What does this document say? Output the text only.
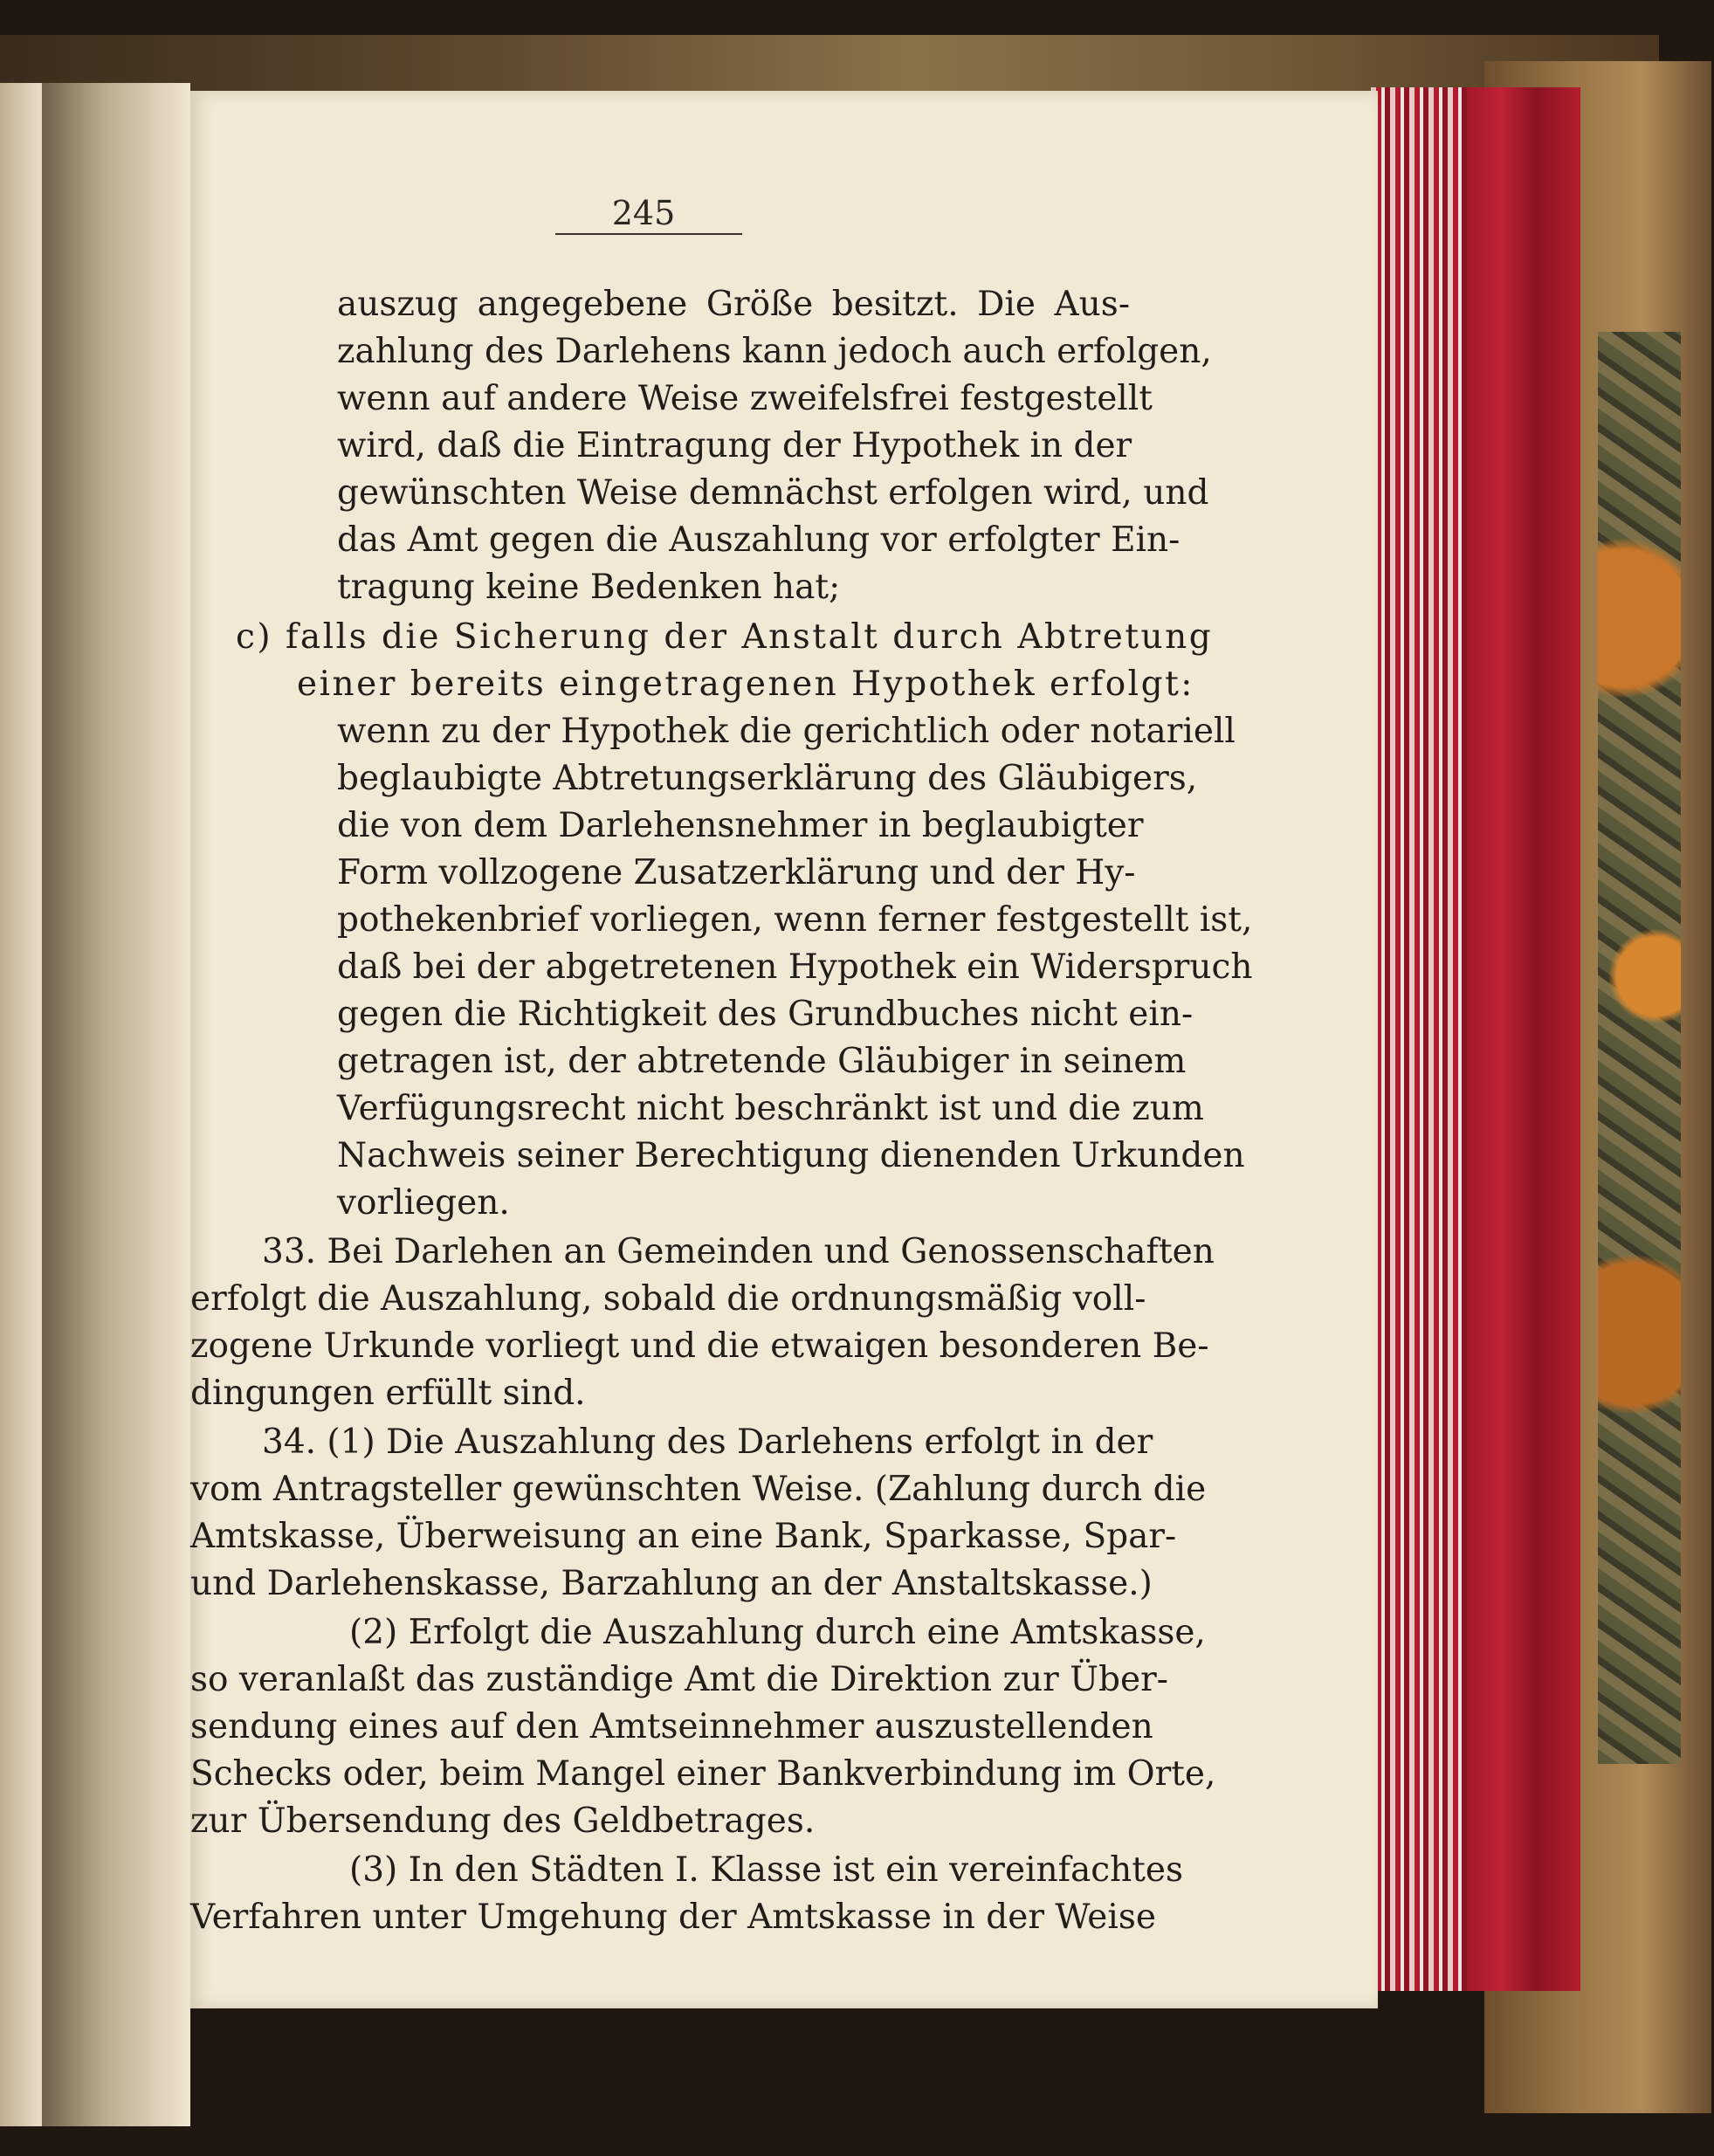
245
auszug angegebene Größe besitzt. Die Aus-
zahlung des Darlehens kann jedoch auch erfolgen,
wenn auf andere Weise zweifelsfrei festgestellt
wird, daß die Eintragung der Hypothek in der
gewünschten Weise demnächst erfolgen wird, und
das Amt gegen die Auszahlung vor erfolgter Ein-
tragung keine Bedenken hat;
c) falls die Sicherung der Anstalt durch Abtretung
einer bereits eingetragenen Hypothek erfolgt:
wenn zu der Hypothek die gerichtlich oder notariell
beglaubigte Abtretungserklärung des Gläubigers,
die von dem Darlehensnehmer in beglaubigter
Form vollzogene Zusatzerklärung und der Hy-
pothekenbrief vorliegen, wenn ferner festgestellt ist,
daß bei der abgetretenen Hypothek ein Widerspruch
gegen die Richtigkeit des Grundbuches nicht ein-
getragen ist, der abtretende Gläubiger in seinem
Verfügungsrecht nicht beschränkt ist und die zum
Nachweis seiner Berechtigung dienenden Urkunden
vorliegen.
33. Bei Darlehen an Gemeinden und Genossenschaften
erfolgt die Auszahlung, sobald die ordnungsmäßig voll-
zogene Urkunde vorliegt und die etwaigen besonderen Be-
dingungen erfüllt sind.
34. (1) Die Auszahlung des Darlehens erfolgt in der
vom Antragsteller gewünschten Weise. (Zahlung durch die
Amtskasse, Überweisung an eine Bank, Sparkasse, Spar-
und Darlehenskasse, Barzahlung an der Anstaltskasse.)
(2) Erfolgt die Auszahlung durch eine Amtskasse,
so veranlaßt das zuständige Amt die Direktion zur Über-
sendung eines auf den Amtseinnehmer auszustellenden
Schecks oder, beim Mangel einer Bankverbindung im Orte,
zur Übersendung des Geldbetrages.
(3) In den Städten I. Klasse ist ein vereinfachtes
Verfahren unter Umgehung der Amtskasse in der Weise
